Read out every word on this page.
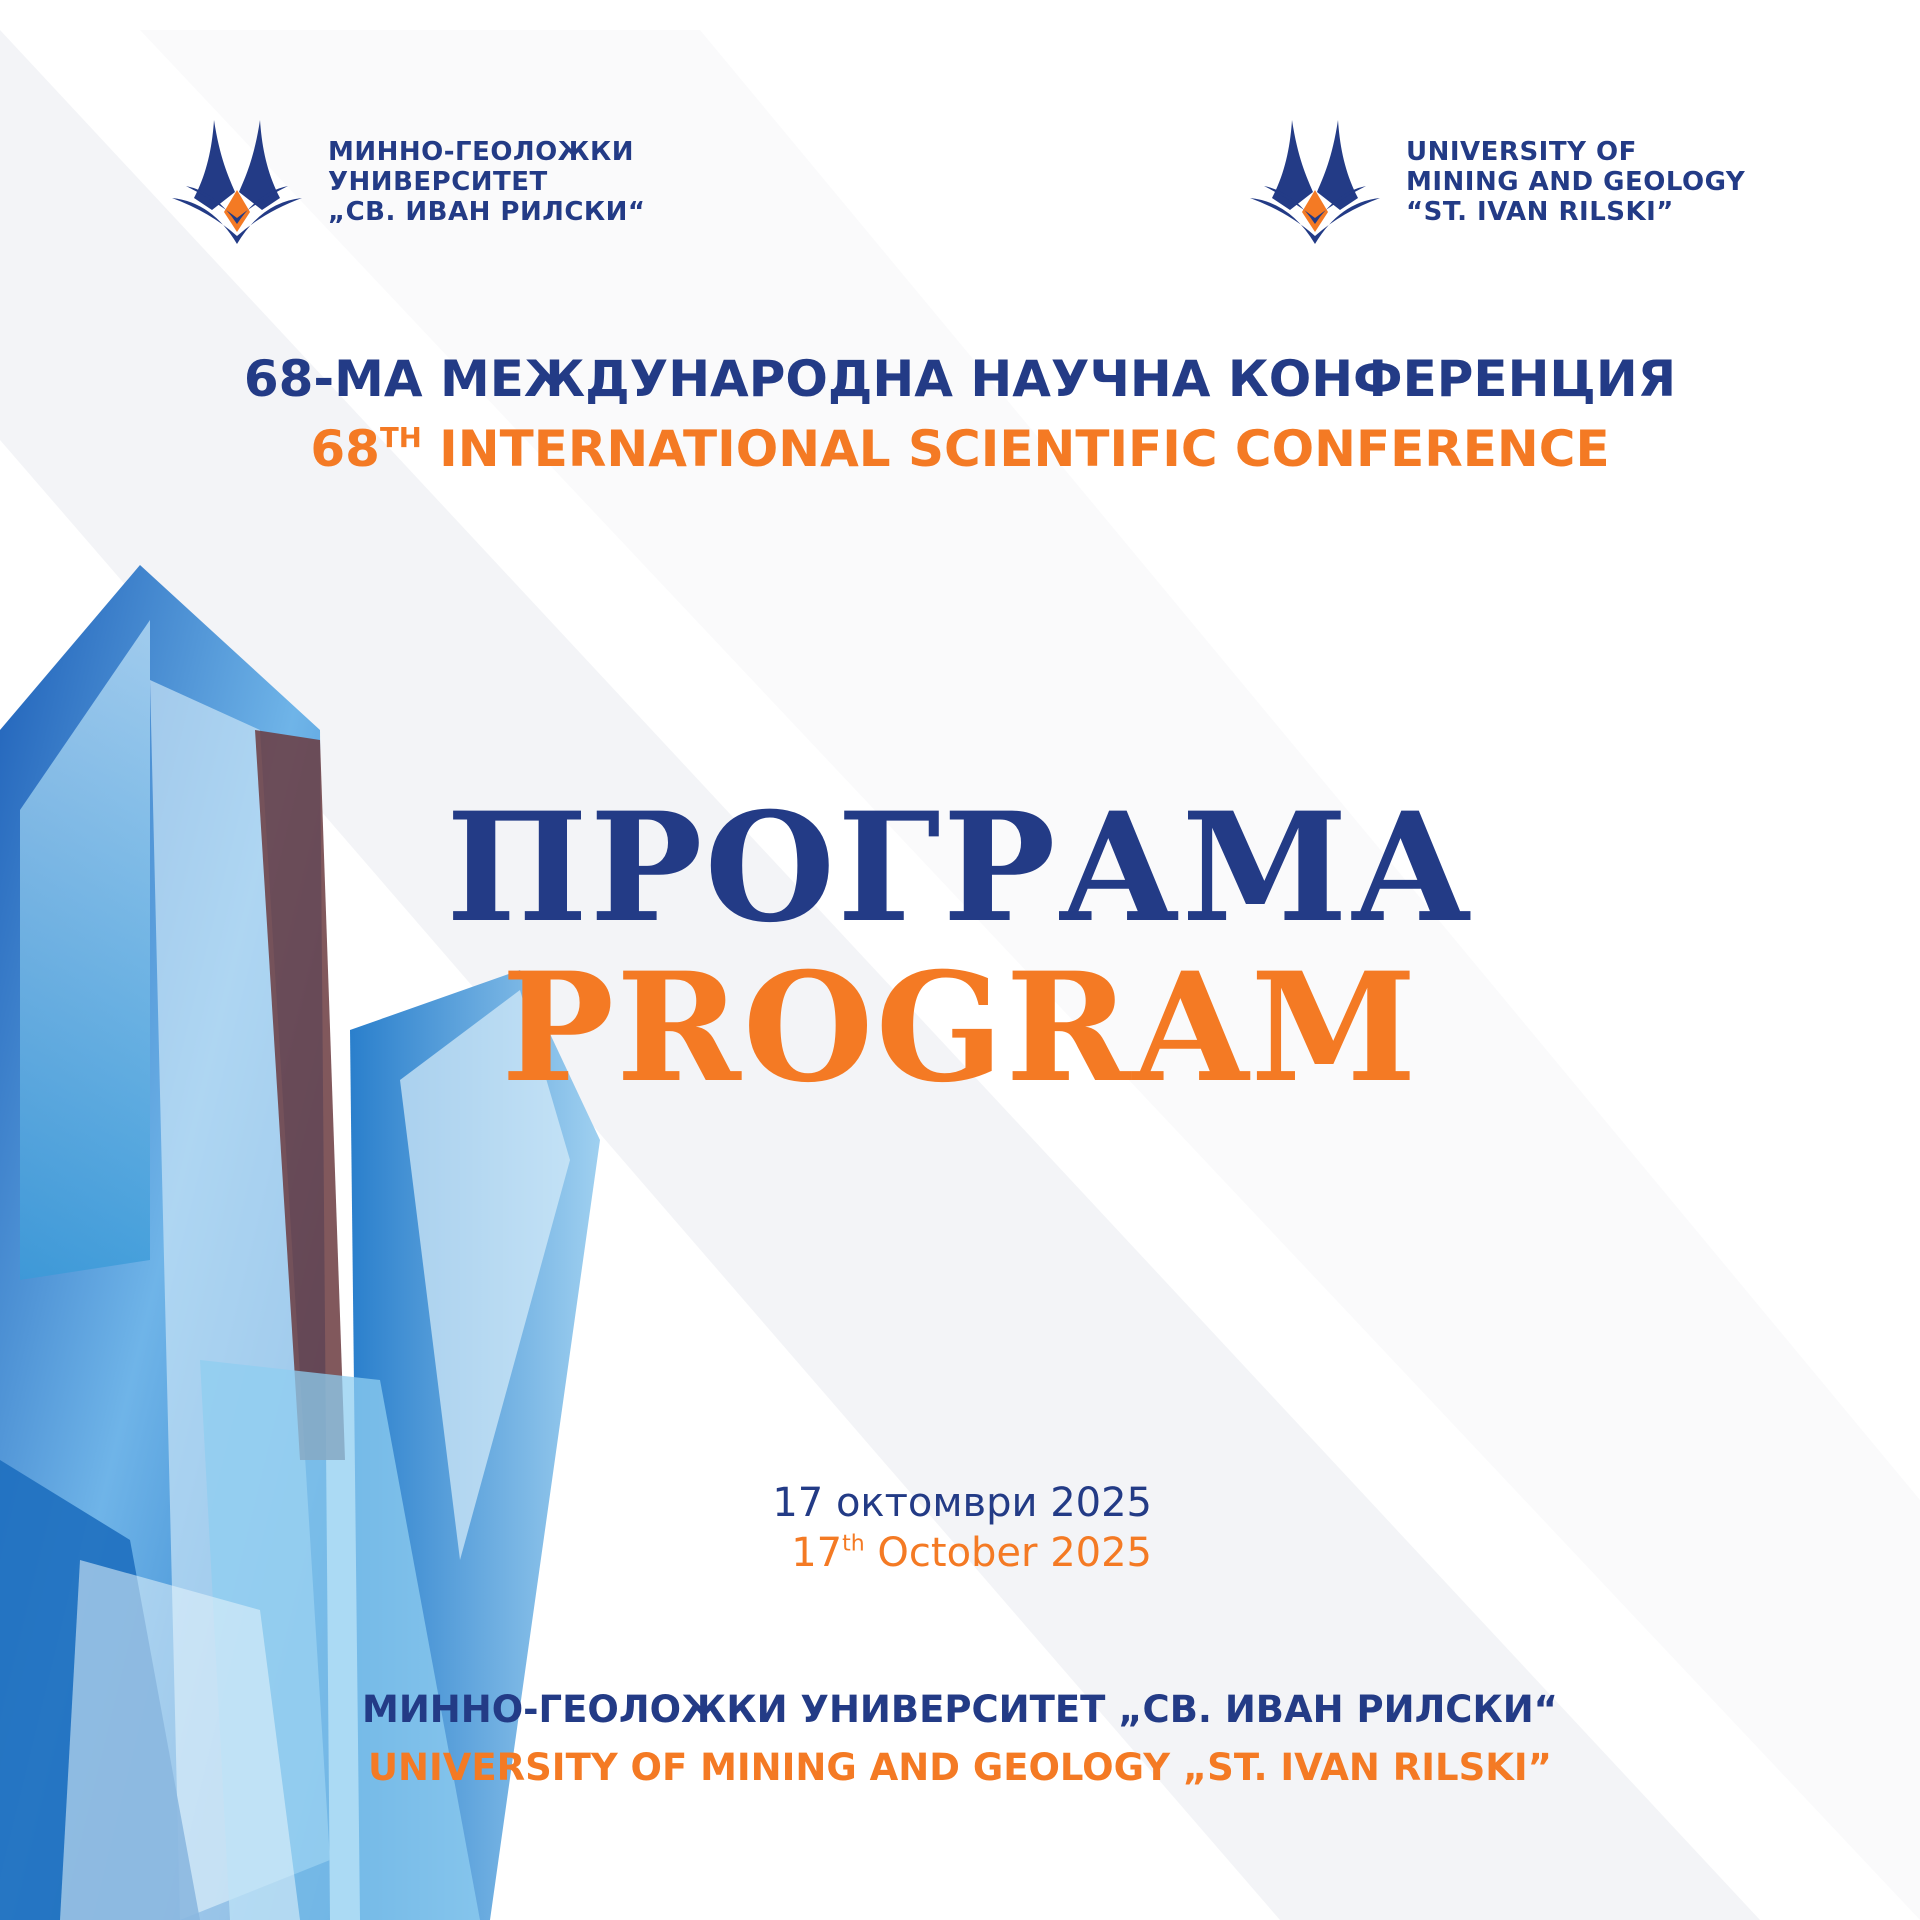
МИННО-ГЕОЛОЖКИ
УНИВЕРСИТЕТ
„СВ. ИВАН РИЛСКИ“
UNIVERSITY OF
MINING AND GEOLOGY
“ST. IVAN RILSKI”
68-МА МЕЖДУНАРОДНА НАУЧНА КОНФЕРЕНЦИЯ
68TH INTERNATIONAL SCIENTIFIC CONFERENCE
ПРОГРАМА
PROGRAM
17 октомври 2025
17th October 2025
МИННО-ГЕОЛОЖКИ УНИВЕРСИТЕТ „СВ. ИВАН РИЛСКИ“
UNIVERSITY OF MINING AND GEOLOGY „ST. IVAN RILSKI”
